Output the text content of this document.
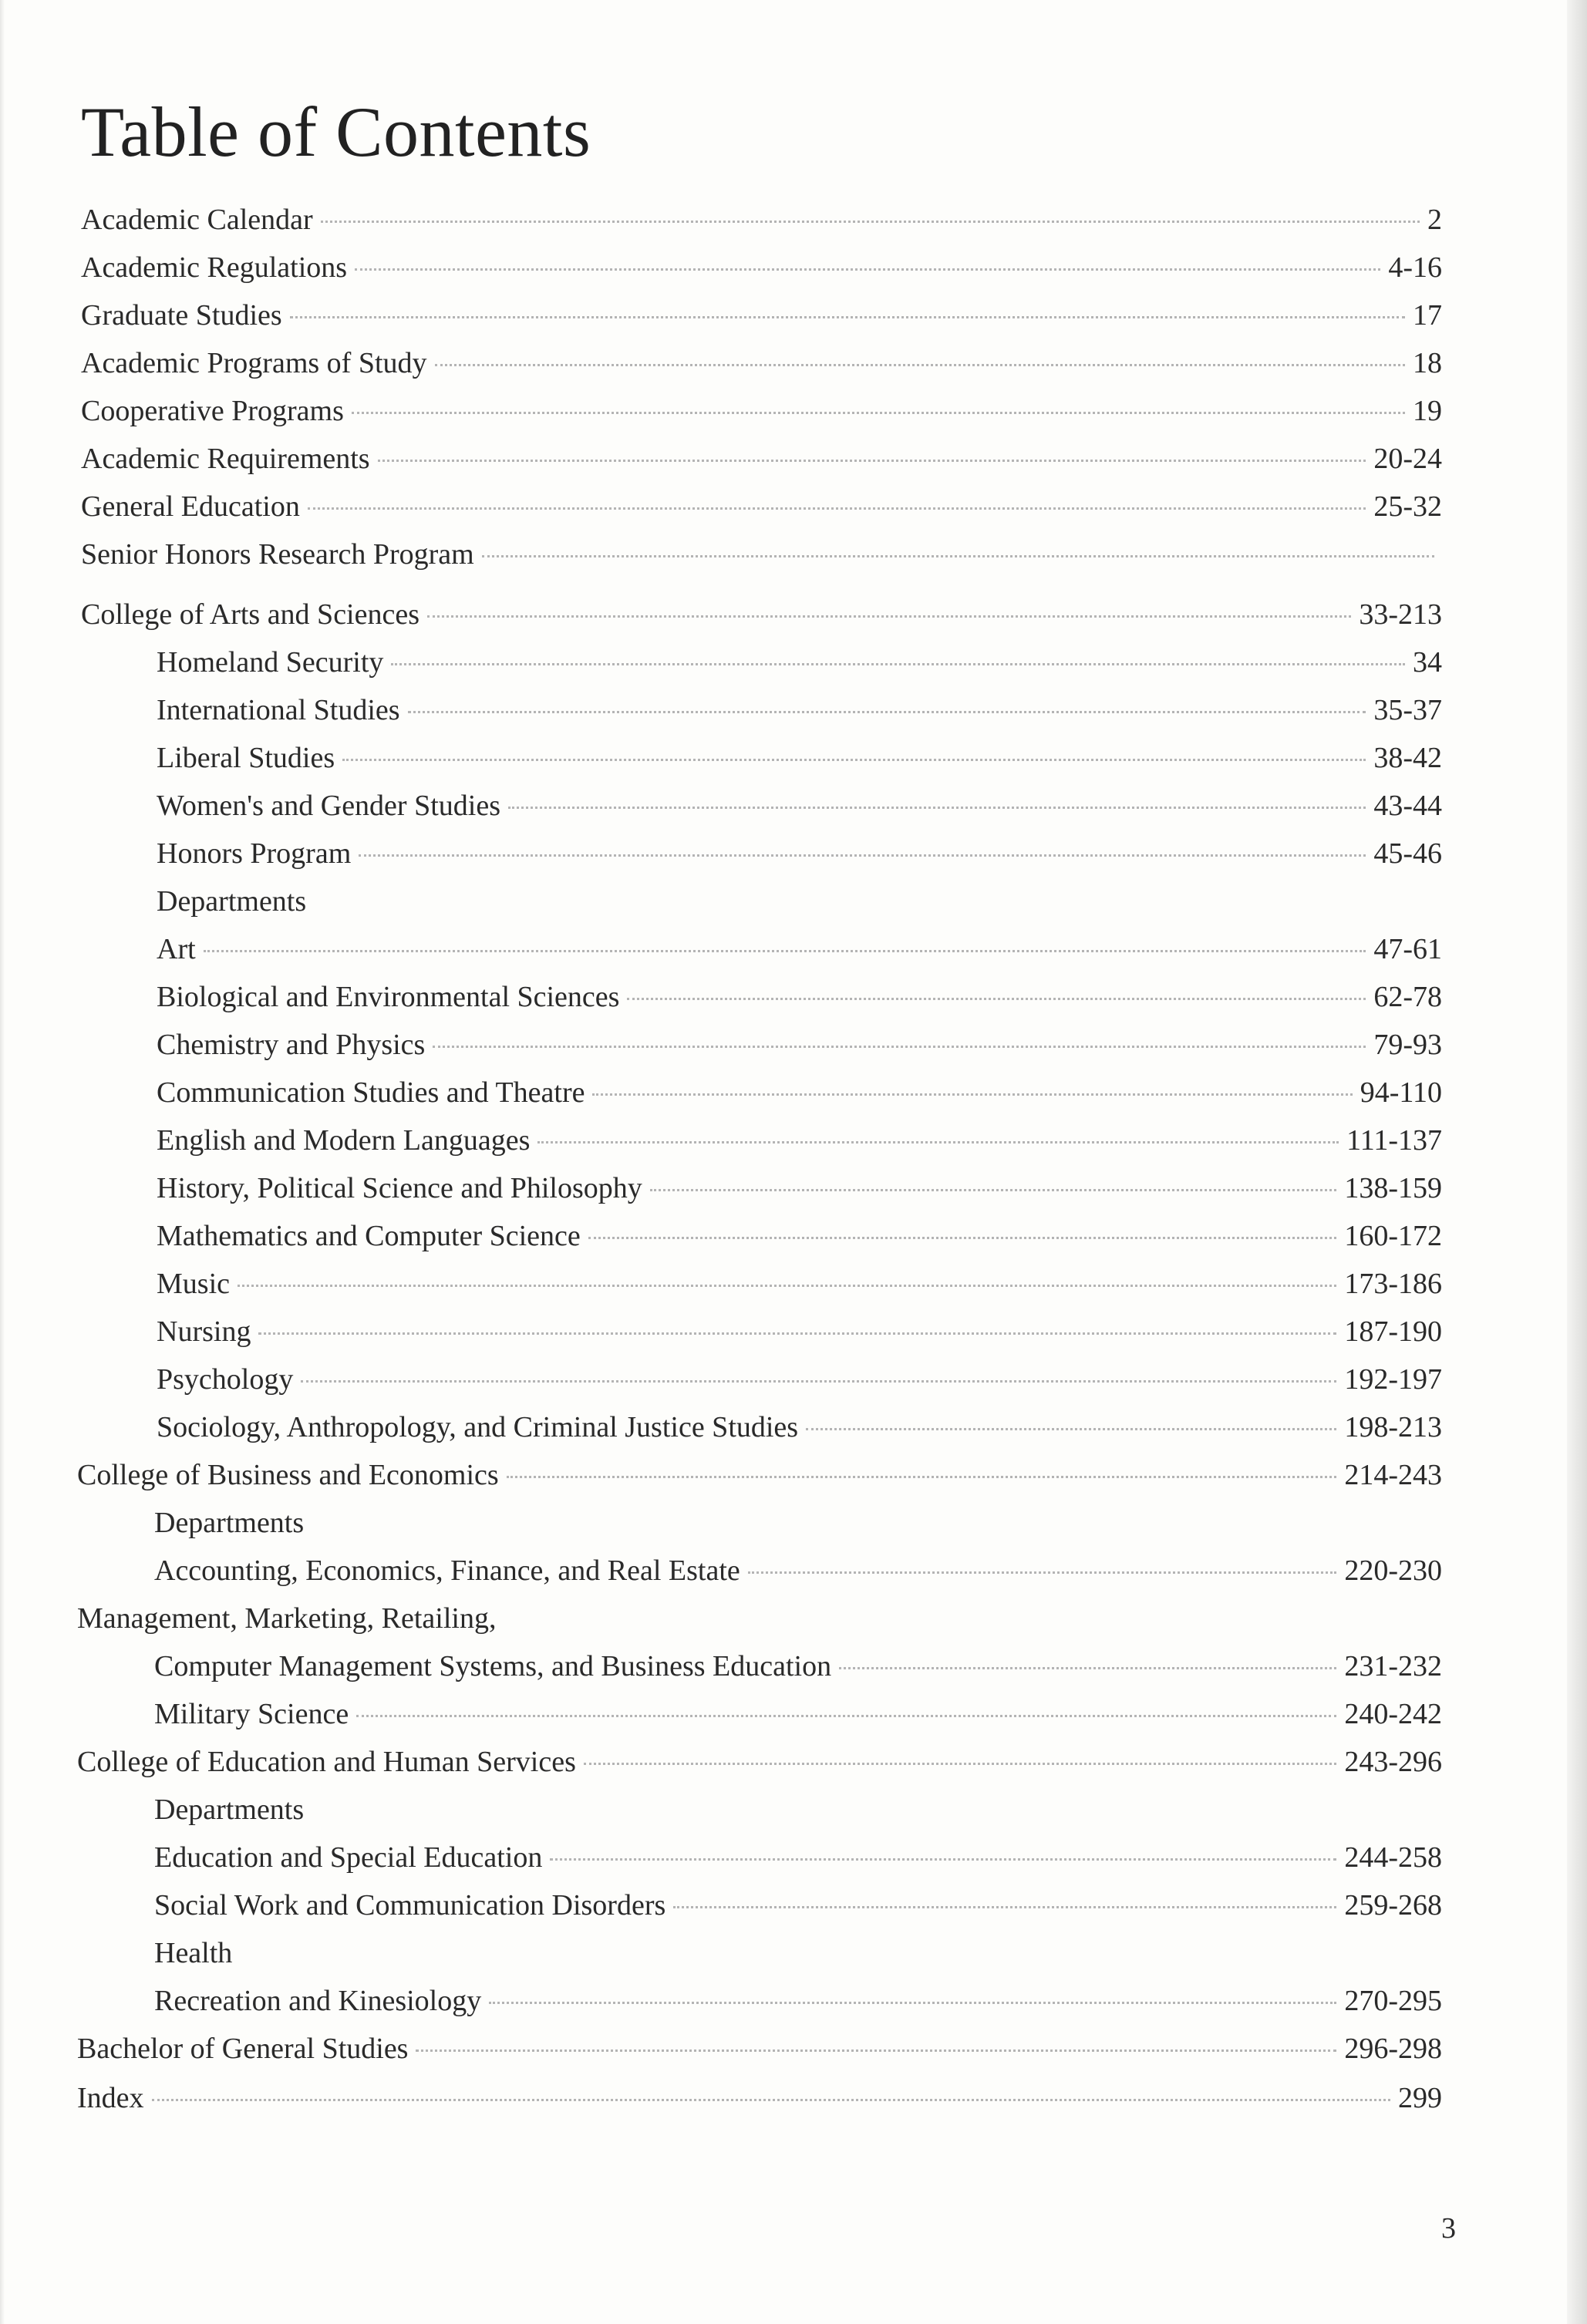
Table of Contents
Academic Calendar	2
Academic Regulations	4-16
Graduate Studies	17
Academic Programs of Study	18
Cooperative Programs	19
Academic Requirements	20-24
General Education	25-32
Senior Honors Research Program
College of Arts and Sciences	33-213
Homeland Security	34
International Studies	35-37
Liberal Studies	38-42
Women's and Gender Studies	43-44
Honors Program	45-46
Departments
Art	47-61
Biological and Environmental Sciences	62-78
Chemistry and Physics	79-93
Communication Studies and Theatre	94-110
English and Modern Languages	111-137
History, Political Science and Philosophy	138-159
Mathematics and Computer Science	160-172
Music	173-186
Nursing	187-190
Psychology	192-197
Sociology, Anthropology, and Criminal Justice Studies	198-213
College of Business and Economics	214-243
Departments
Accounting, Economics, Finance, and Real Estate	220-230
Management, Marketing, Retailing,
Computer Management Systems, and Business Education	231-232
Military Science	240-242
College of Education and Human Services	243-296
Departments
Education and Special Education	244-258
Social Work and Communication Disorders	259-268
Health
Recreation and Kinesiology	270-295
Bachelor of General Studies	296-298
Index	299
3
